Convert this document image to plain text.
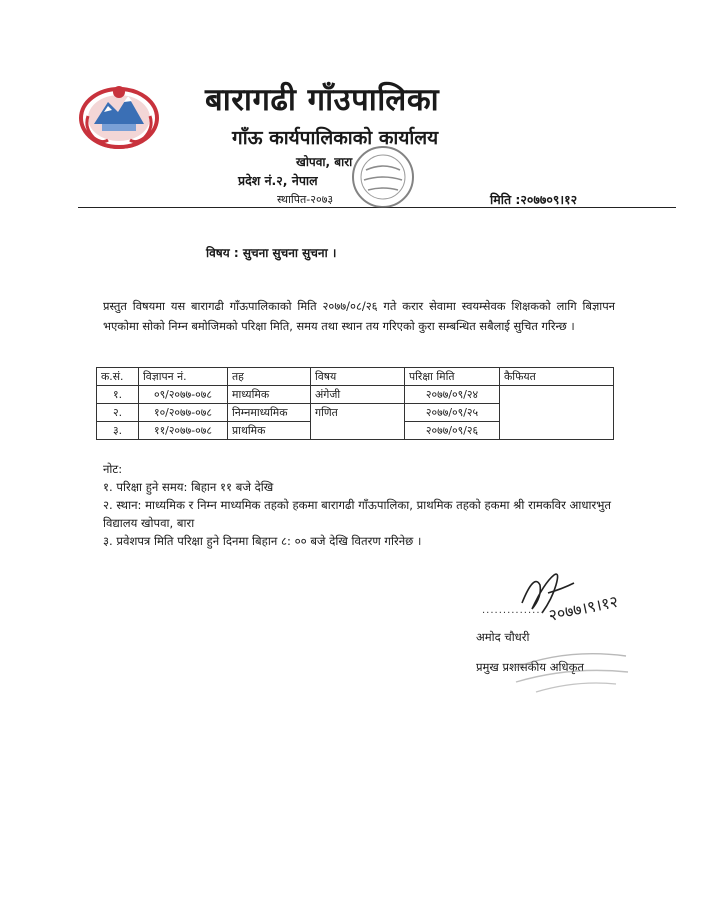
बारागढी गाँउपालिका
गाँऊ कार्यपालिकाको कार्यालय
खोपवा, बारा
प्रदेश नं.२, नेपाल
स्थापित-२०७३	मिति :२०७७०९।१२
विषय : सुचना सुचना सुचना ।
प्रस्तुत विषयमा यस बारागढी गाँऊपालिकाको मिति २०७७/०८/२६ गते करार सेवामा स्वयम्सेवक शिक्षकको लागि बिज्ञापन भएकोमा सोको निम्न बमोजिमको परिक्षा मिति, समय तथा स्थान तय गरिएको कुरा सम्बन्धित सबैलाई सुचित गरिन्छ ।
क.सं.	विज्ञापन नं.	तह	विषय	परिक्षा मिति	कैफियत
१.	०९/२०७७-०७८	माध्यमिक	अंगेजी	२०७७/०९/२४	
२.	१०/२०७७-०७८	निम्नमाध्यमिक	गणित	२०७७/०९/२५	
३.	११/२०७७-०७८	प्राथमिक		२०७७/०९/२६	
नोट:
१. परिक्षा हुने समय: बिहान ११ बजे देखि
२. स्थान: माध्यमिक र निम्न माध्यमिक तहको हकमा बारागढी गाँऊपालिका, प्राथमिक तहको हकमा श्री रामकविर आधारभुत विद्यालय खोपवा, बारा
३. प्रवेशपत्र मिति परिक्षा हुने दिनमा बिहान ८: ०० बजे देखि वितरण गरिनेछ ।
२०७७।९।१२
...............
अमोद चौधरी
प्रमुख प्रशासकीय अधिकृत
